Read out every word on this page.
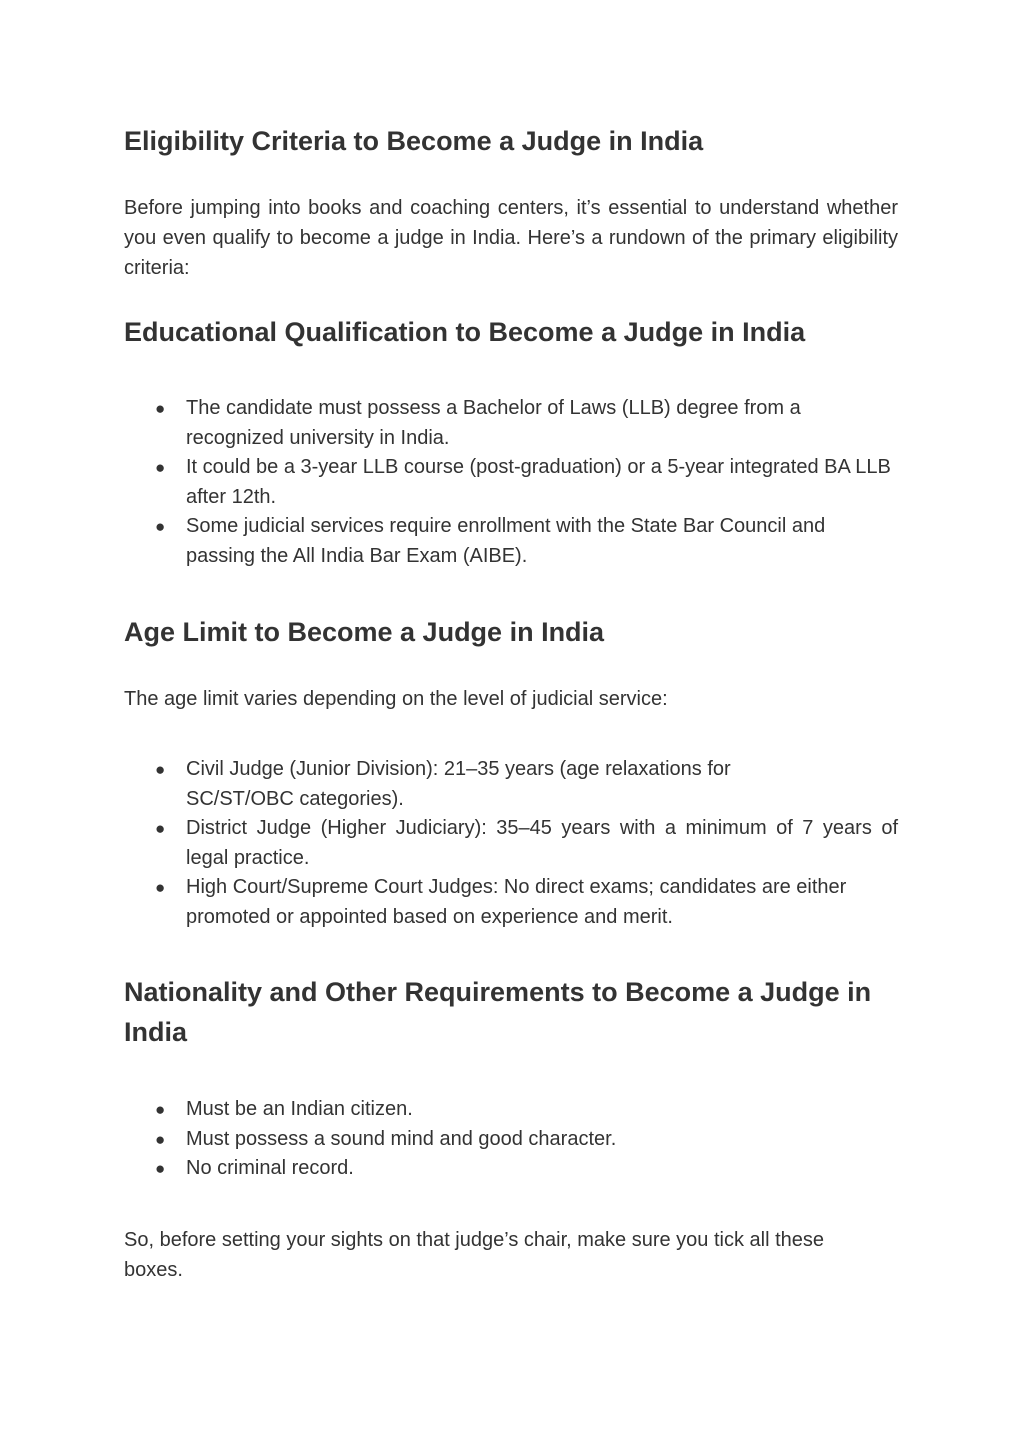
Eligibility Criteria to Become a Judge in India

Before jumping into books and coaching centers, it’s essential to understand whether you even qualify to become a judge in India. Here’s a rundown of the primary eligibility criteria:

Educational Qualification to Become a Judge in India
● The candidate must possess a Bachelor of Laws (LLB) degree from a recognized university in India.
● It could be a 3-year LLB course (post-graduation) or a 5-year integrated BA LLB after 12th.
● Some judicial services require enrollment with the State Bar Council and passing the All India Bar Exam (AIBE).
Age Limit to Become a Judge in India

The age limit varies depending on the level of judicial service:

● Civil Judge (Junior Division): 21–35 years (age relaxations for SC/ST/OBC categories).
● District Judge (Higher Judiciary): 35–45 years with a minimum of 7 years of legal practice.
● High Court/Supreme Court Judges: No direct exams; candidates are either promoted or appointed based on experience and merit.
Nationality and Other Requirements to Become a Judge in India
● Must be an Indian citizen.
● Must possess a sound mind and good character.
● No criminal record.

So, before setting your sights on that judge’s chair, make sure you tick all these boxes.
